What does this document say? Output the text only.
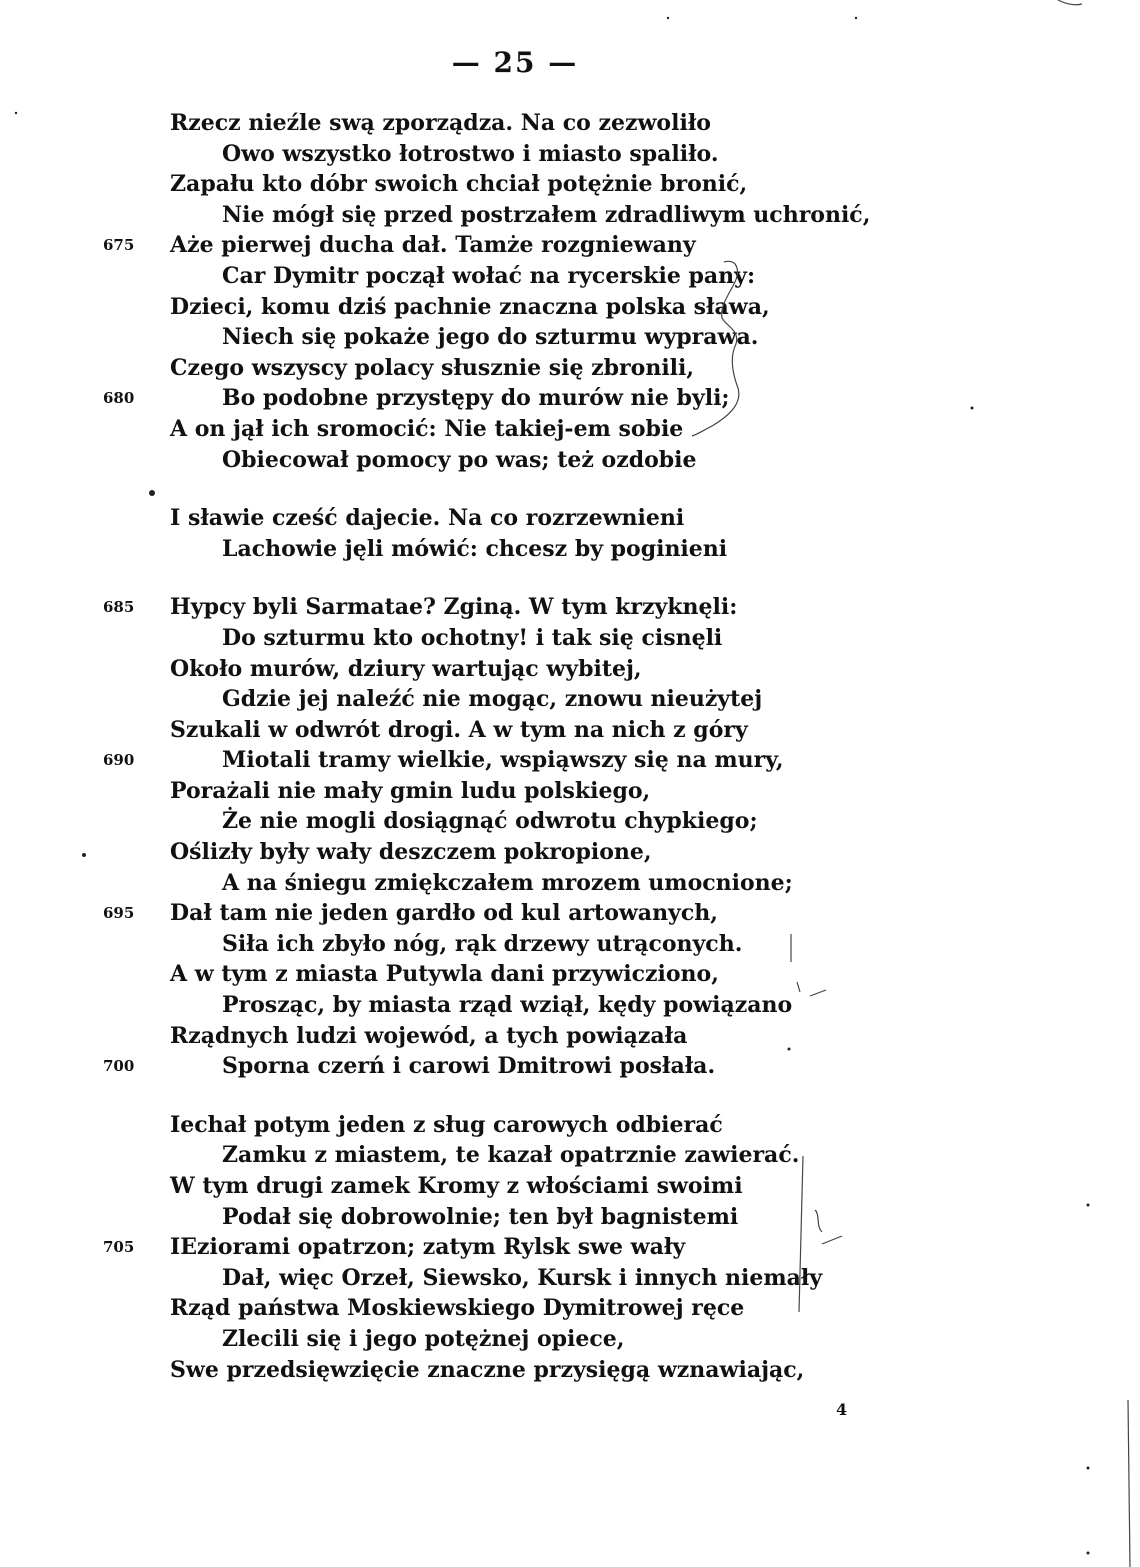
— 25 —
Rzecz nieźle swą zporządza. Na co zezwoliło
Owo wszystko łotrostwo i miasto spaliło.
Zapału kto dóbr swoich chciał potężnie bronić,
Nie mógł się przed postrzałem zdradliwym uchronić,
675	Aże pierwej ducha dał. Tamże rozgniewany
Car Dymitr począł wołać na rycerskie pany:
Dzieci, komu dziś pachnie znaczna polska sława,
Niech się pokaże jego do szturmu wyprawa.
Czego wszyscy polacy słusznie się zbronili,
680	Bo podobne przystępy do murów nie byli;
A on jął ich sromocić: Nie takiej-em sobie
Obiecował pomocy po was; też ozdobie
I sławie cześć dajecie. Na co rozrzewnieni
Lachowie jęli mówić: chcesz by poginieni
685	Hypcy byli Sarmatae? Zginą. W tym krzyknęli:
Do szturmu kto ochotny! i tak się cisnęli
Około murów, dziury wartując wybitej,
Gdzie jej naleźć nie mogąc, znowu nieużytej
Szukali w odwrót drogi. A w tym na nich z góry
690	Miotali tramy wielkie, wspiąwszy się na mury,
Porażali nie mały gmin ludu polskiego,
Że nie mogli dosiągnąć odwrotu chypkiego;
Oślizły były wały deszczem pokropione,
A na śniegu zmiękczałem mrozem umocnione;
695	Dał tam nie jeden gardło od kul artowanych,
Siła ich zbyło nóg, rąk drzewy utrąconych.
A w tym z miasta Putywla dani przywicziono,
Prosząc, by miasta rząd wziął, kędy powiązano
Rządnych ludzi wojewód, a tych powiązała
700	Sporna czerń i carowi Dmitrowi posłała.
Iechał potym jeden z sług carowych odbierać
Zamku z miastem, te kazał opatrznie zawierać.
W tym drugi zamek Kromy z włościami swoimi
Podał się dobrowolnie; ten był bagnistemi
705	IEziorami opatrzon; zatym Rylsk swe wały
Dał, więc Orzeł, Siewsko, Kursk i innych niemały
Rząd państwa Moskiewskiego Dymitrowej ręce
Zlecili się i jego potężnej opiece,
Swe przedsięwzięcie znaczne przysięgą wznawiając,
4
